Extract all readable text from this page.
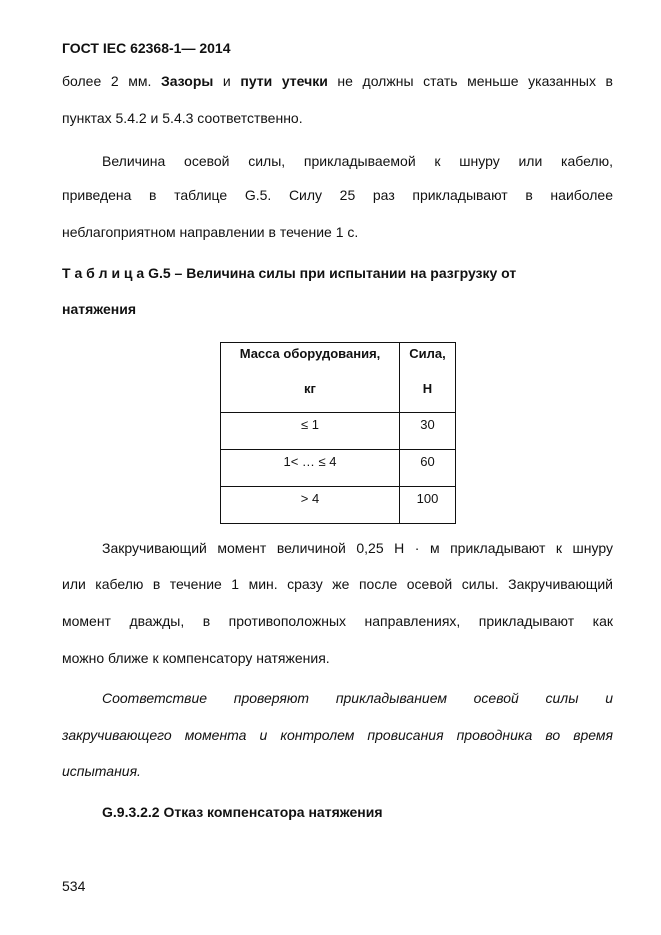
ГОСТ IEC 62368-1— 2014
более 2 мм. Зазоры и пути утечки не должны стать меньше указанных в
пунктах 5.4.2 и 5.4.3 соответственно.
Величина осевой силы, прикладываемой к шнуру или кабелю,
приведена в таблице G.5. Силу 25 раз прикладывают в наиболее
неблагоприятном направлении в течение 1 с.
Т а б л и ц а G.5 – Величина силы при испытании на разгрузку от
натяжения
Масса оборудования,
кг	Сила,
Н

≤ 1	30

1< … ≤ 4	60

> 4	100
Закручивающий момент величиной 0,25 Н · м прикладывают к шнуру
или кабелю в течение 1 мин. сразу же после осевой силы. Закручивающий
момент дважды, в противоположных направлениях, прикладывают как
можно ближе к компенсатору натяжения.
Соответствие проверяют прикладыванием осевой силы и
закручивающего момента и контролем провисания проводника во время
испытания.
G.9.3.2.2 Отказ компенсатора натяжения
534
